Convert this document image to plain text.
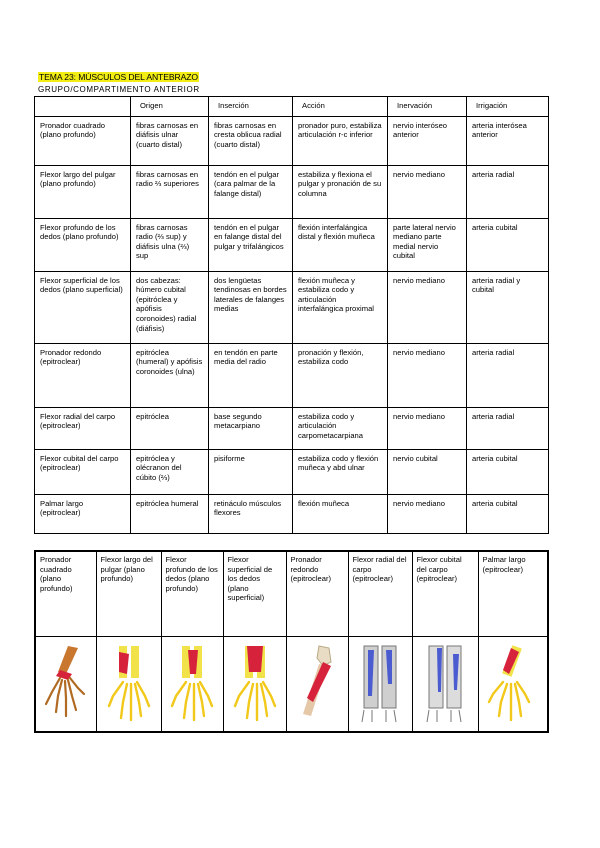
TEMA 23: MÚSCULOS DEL ANTEBRAZO
GRUPO/COMPARTIMENTO ANTERIOR

	Origen	Inserción	Acción	Inervación	Irrigación

Pronador cuadrado (plano profundo)	fibras carnosas en diáfisis ulnar (cuarto distal)	fibras carnosas en cresta oblicua radial (cuarto distal)	pronador puro, estabiliza articulación r-c inferior	nervio interóseo anterior	arteria interósea anterior
Flexor largo del pulgar (plano profundo)	fibras carnosas en radio ⅔ superiores	tendón en el pulgar (cara palmar de la falange distal)	estabiliza y flexiona el pulgar y pronación de su columna	nervio mediano	arteria radial
Flexor profundo de los dedos (plano profundo)	fibras carnosas radio (⅔ sup) y diáfisis ulna (⅔) sup	tendón en el pulgar en falange distal del pulgar y trifalángicos	flexión interfalángica distal y flexión muñeca	parte lateral nervio mediano parte medial nervio cubital	arteria cubital
Flexor superficial de los dedos (plano superficial)	dos cabezas: húmero cubital (epitróclea y apófisis coronoides) radial (diáfisis)	dos lengüetas tendinosas en bordes laterales de falanges medias	flexión muñeca y estabiliza codo y articulación interfalángica proximal	nervio mediano	arteria radial y cubital
Pronador redondo (epitroclear)	epitróclea (humeral) y apófisis coronoides (ulna)	en tendón en parte media del radio	pronación y flexión, estabiliza codo	nervio mediano	arteria radial
Flexor radial del carpo (epitroclear)	epitróclea	base segundo metacarpiano	estabiliza codo y articulación carpometacarpiana	nervio mediano	arteria radial
Flexor cubital del carpo (epitroclear)	epitróclea y olécranon del cúbito (⅔)	pisiforme	estabiliza codo y flexión muñeca y abd ulnar	nervio cubital	arteria cubital
Palmar largo (epitroclear)	epitróclea humeral	retináculo músculos flexores	flexión muñeca	nervio mediano	arteria cubital
Pronador cuadrado (plano profundo)	Flexor largo del pulgar (plano profundo)	Flexor profundo de los dedos (plano profundo)	Flexor superficial de los dedos (plano superficial)	Pronador redondo (epitroclear)	Flexor radial del carpo (epitroclear)	Flexor cubital del carpo (epitroclear)	Palmar largo (epitroclear)
